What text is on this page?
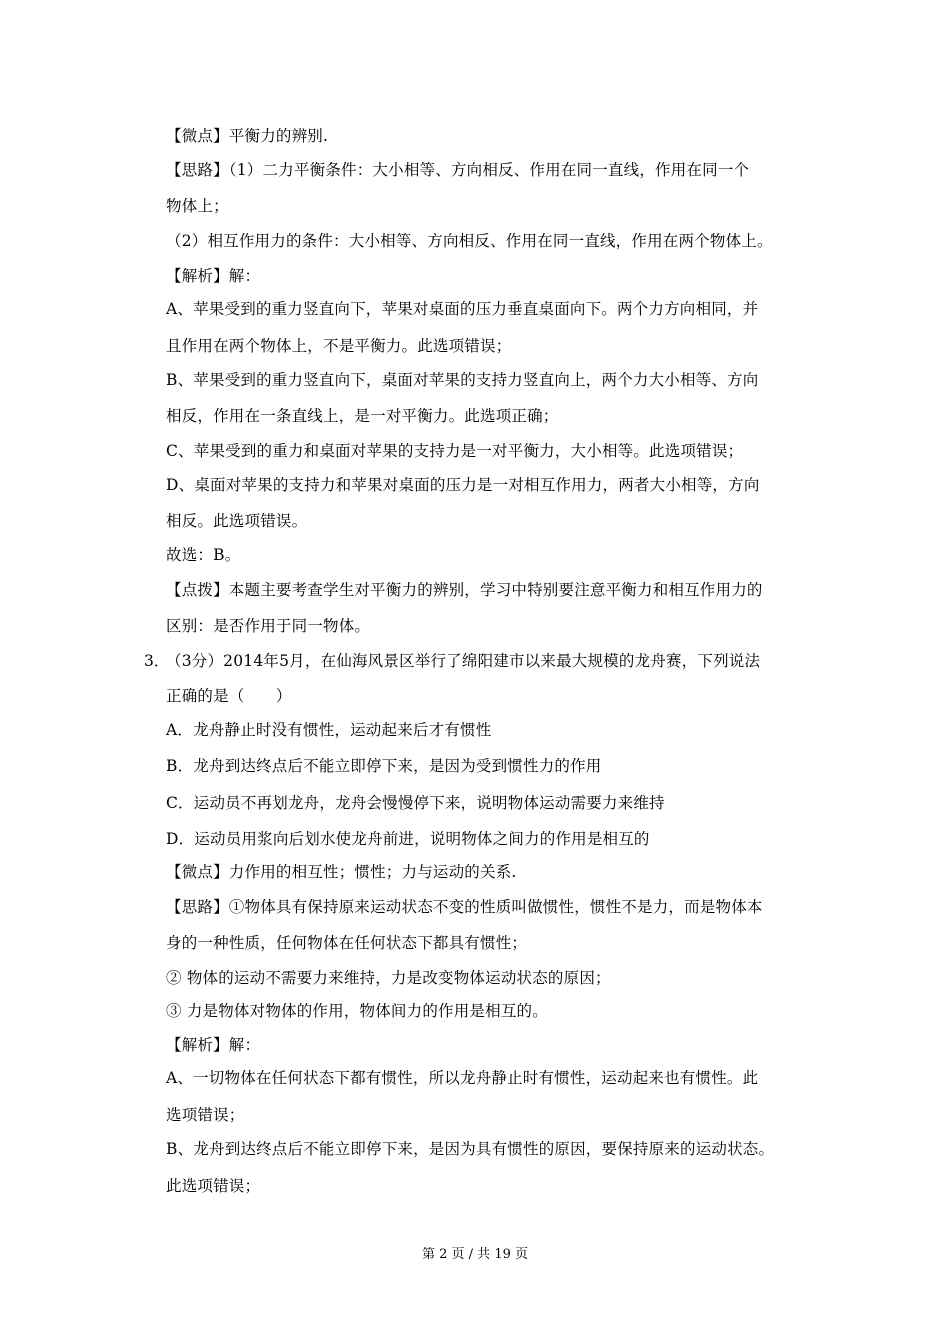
【微点】平衡力的辨别.
【思路】（1）二力平衡条件：大小相等、方向相反、作用在同一直线，作用在同一个
物体上；
（2）相互作用力的条件：大小相等、方向相反、作用在同一直线，作用在两个物体上。
【解析】解：
A、苹果受到的重力竖直向下，苹果对桌面的压力垂直桌面向下。两个力方向相同，并
且作用在两个物体上，不是平衡力。此选项错误；
B、苹果受到的重力竖直向下，桌面对苹果的支持力竖直向上，两个力大小相等、方向
相反，作用在一条直线上，是一对平衡力。此选项正确；
C、苹果受到的重力和桌面对苹果的支持力是一对平衡力，大小相等。此选项错误；
D、桌面对苹果的支持力和苹果对桌面的压力是一对相互作用力，两者大小相等，方向
相反。此选项错误。
故选：B。
【点拨】本题主要考查学生对平衡力的辨别，学习中特别要注意平衡力和相互作用力的
区别：是否作用于同一物体。
3．
（3分）2014年5月，在仙海风景区举行了绵阳建市以来最大规模的龙舟赛，下列说法
正确的是（　　）
A．龙舟静止时没有惯性，运动起来后才有惯性
B．龙舟到达终点后不能立即停下来，是因为受到惯性力的作用
C．运动员不再划龙舟，龙舟会慢慢停下来，说明物体运动需要力来维持
D．运动员用浆向后划水使龙舟前进，说明物体之间力的作用是相互的
【微点】力作用的相互性；惯性；力与运动的关系.
【思路】①物体具有保持原来运动状态不变的性质叫做惯性，惯性不是力，而是物体本
身的一种性质，任何物体在任何状态下都具有惯性；
② 物体的运动不需要力来维持，力是改变物体运动状态的原因；
③ 力是物体对物体的作用，物体间力的作用是相互的。
【解析】解：
A、一切物体在任何状态下都有惯性，所以龙舟静止时有惯性，运动起来也有惯性。此
选项错误；
B、龙舟到达终点后不能立即停下来，是因为具有惯性的原因，要保持原来的运动状态。
此选项错误；
第 2 页 / 共 19 页
